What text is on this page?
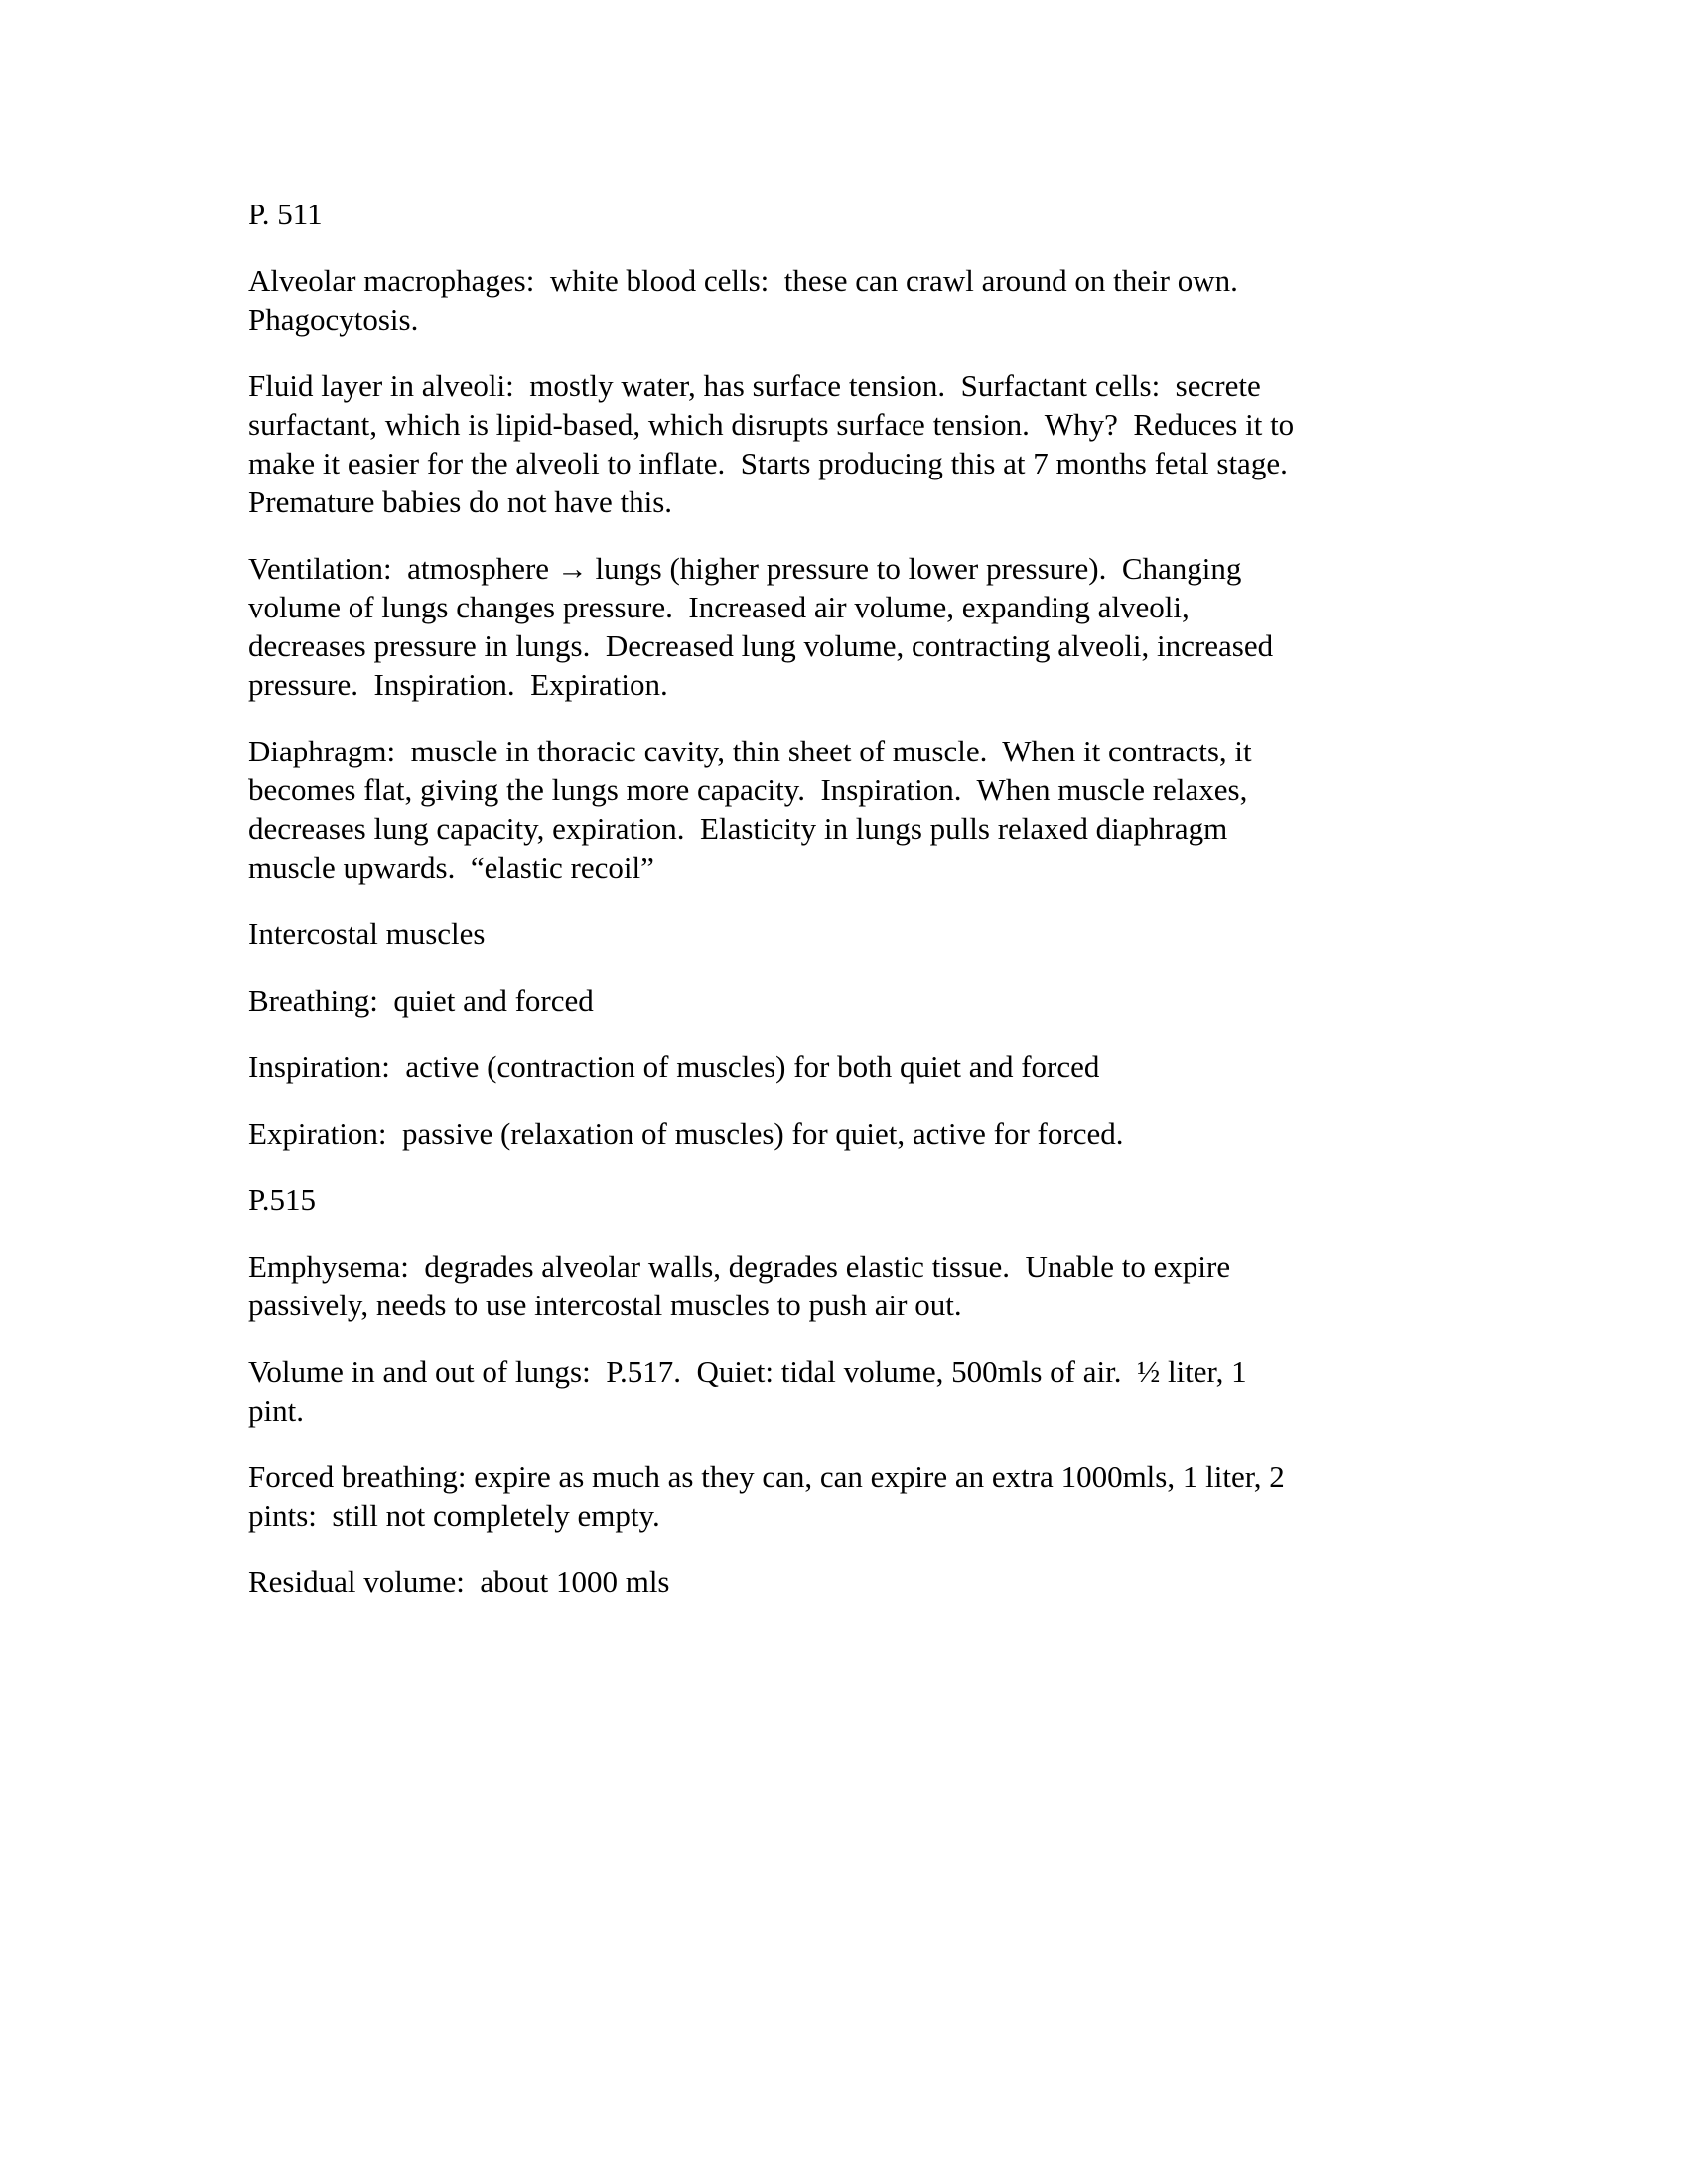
P. 511

Alveolar macrophages:  white blood cells:  these can crawl around on their own.
Phagocytosis.

Fluid layer in alveoli:  mostly water, has surface tension.  Surfactant cells:  secrete
surfactant, which is lipid-based, which disrupts surface tension.  Why?  Reduces it to
make it easier for the alveoli to inflate.  Starts producing this at 7 months fetal stage.
Premature babies do not have this.

Ventilation:  atmosphere → lungs (higher pressure to lower pressure).  Changing
volume of lungs changes pressure.  Increased air volume, expanding alveoli,
decreases pressure in lungs.  Decreased lung volume, contracting alveoli, increased
pressure.  Inspiration.  Expiration.

Diaphragm:  muscle in thoracic cavity, thin sheet of muscle.  When it contracts, it
becomes flat, giving the lungs more capacity.  Inspiration.  When muscle relaxes,
decreases lung capacity, expiration.  Elasticity in lungs pulls relaxed diaphragm
muscle upwards.  “elastic recoil”

Intercostal muscles

Breathing:  quiet and forced

Inspiration:  active (contraction of muscles) for both quiet and forced

Expiration:  passive (relaxation of muscles) for quiet, active for forced.

P.515

Emphysema:  degrades alveolar walls, degrades elastic tissue.  Unable to expire
passively, needs to use intercostal muscles to push air out.

Volume in and out of lungs:  P.517.  Quiet: tidal volume, 500mls of air.  ½ liter, 1
pint.

Forced breathing: expire as much as they can, can expire an extra 1000mls, 1 liter, 2
pints:  still not completely empty.

Residual volume:  about 1000 mls
